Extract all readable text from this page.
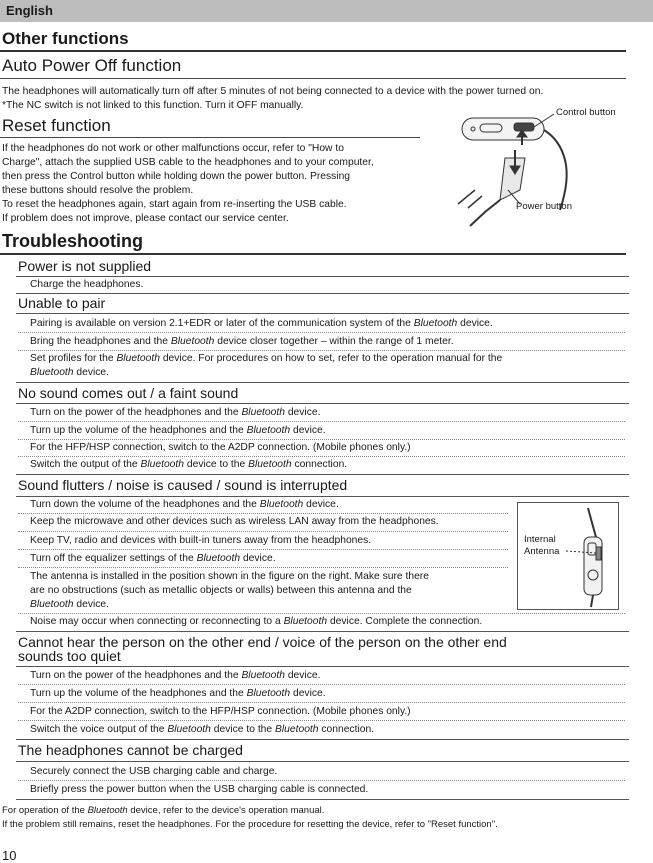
English
Other functions
Auto Power Off function
The headphones will automatically turn off after 5 minutes of not being connected to a device with the power turned on.
*The NC switch is not linked to this function. Turn it OFF manually.
Reset function
If the headphones do not work or other malfunctions occur, refer to "How to
Charge", attach the supplied USB cable to the headphones and to your computer,
then press the Control button while holding down the power button. Pressing
these buttons should resolve the problem.
To reset the headphones again, start again from re-inserting the USB cable.
If problem does not improve, please contact our service center.
Control button
Power button
Troubleshooting
Power is not supplied
Charge the headphones.
Unable to pair
Pairing is available on version 2.1+EDR or later of the communication system of the Bluetooth device.
Bring the headphones and the Bluetooth device closer together – within the range of 1 meter.
Set profiles for the Bluetooth device. For procedures on how to set, refer to the operation manual for the
Bluetooth device.
No sound comes out / a faint sound
Turn on the power of the headphones and the Bluetooth device.
Turn up the volume of the headphones and the Bluetooth device.
For the HFP/HSP connection, switch to the A2DP connection. (Mobile phones only.)
Switch the output of the Bluetooth device to the Bluetooth connection.
Sound flutters / noise is caused / sound is interrupted
Turn down the volume of the headphones and the Bluetooth device.
Keep the microwave and other devices such as wireless LAN away from the headphones.
Keep TV, radio and devices with built-in tuners away from the headphones.
Turn off the equalizer settings of the Bluetooth device.
The antenna is installed in the position shown in the figure on the right. Make sure there
are no obstructions (such as metallic objects or walls) between this antenna and the
Bluetooth device.
Noise may occur when connecting or reconnecting to a Bluetooth device. Complete the connection.
Internal
Antenna
Cannot hear the person on the other end / voice of the person on the other end
sounds too quiet
Turn on the power of the headphones and the Bluetooth device.
Turn up the volume of the headphones and the Bluetooth device.
For the A2DP connection, switch to the HFP/HSP connection. (Mobile phones only.)
Switch the voice output of the Bluetooth device to the Bluetooth connection.
The headphones cannot be charged
Securely connect the USB charging cable and charge.
Briefly press the power button when the USB charging cable is connected.
For operation of the Bluetooth device, refer to the device's operation manual.
If the problem still remains, reset the headphones. For the procedure for resetting the device, refer to "Reset function".
10
